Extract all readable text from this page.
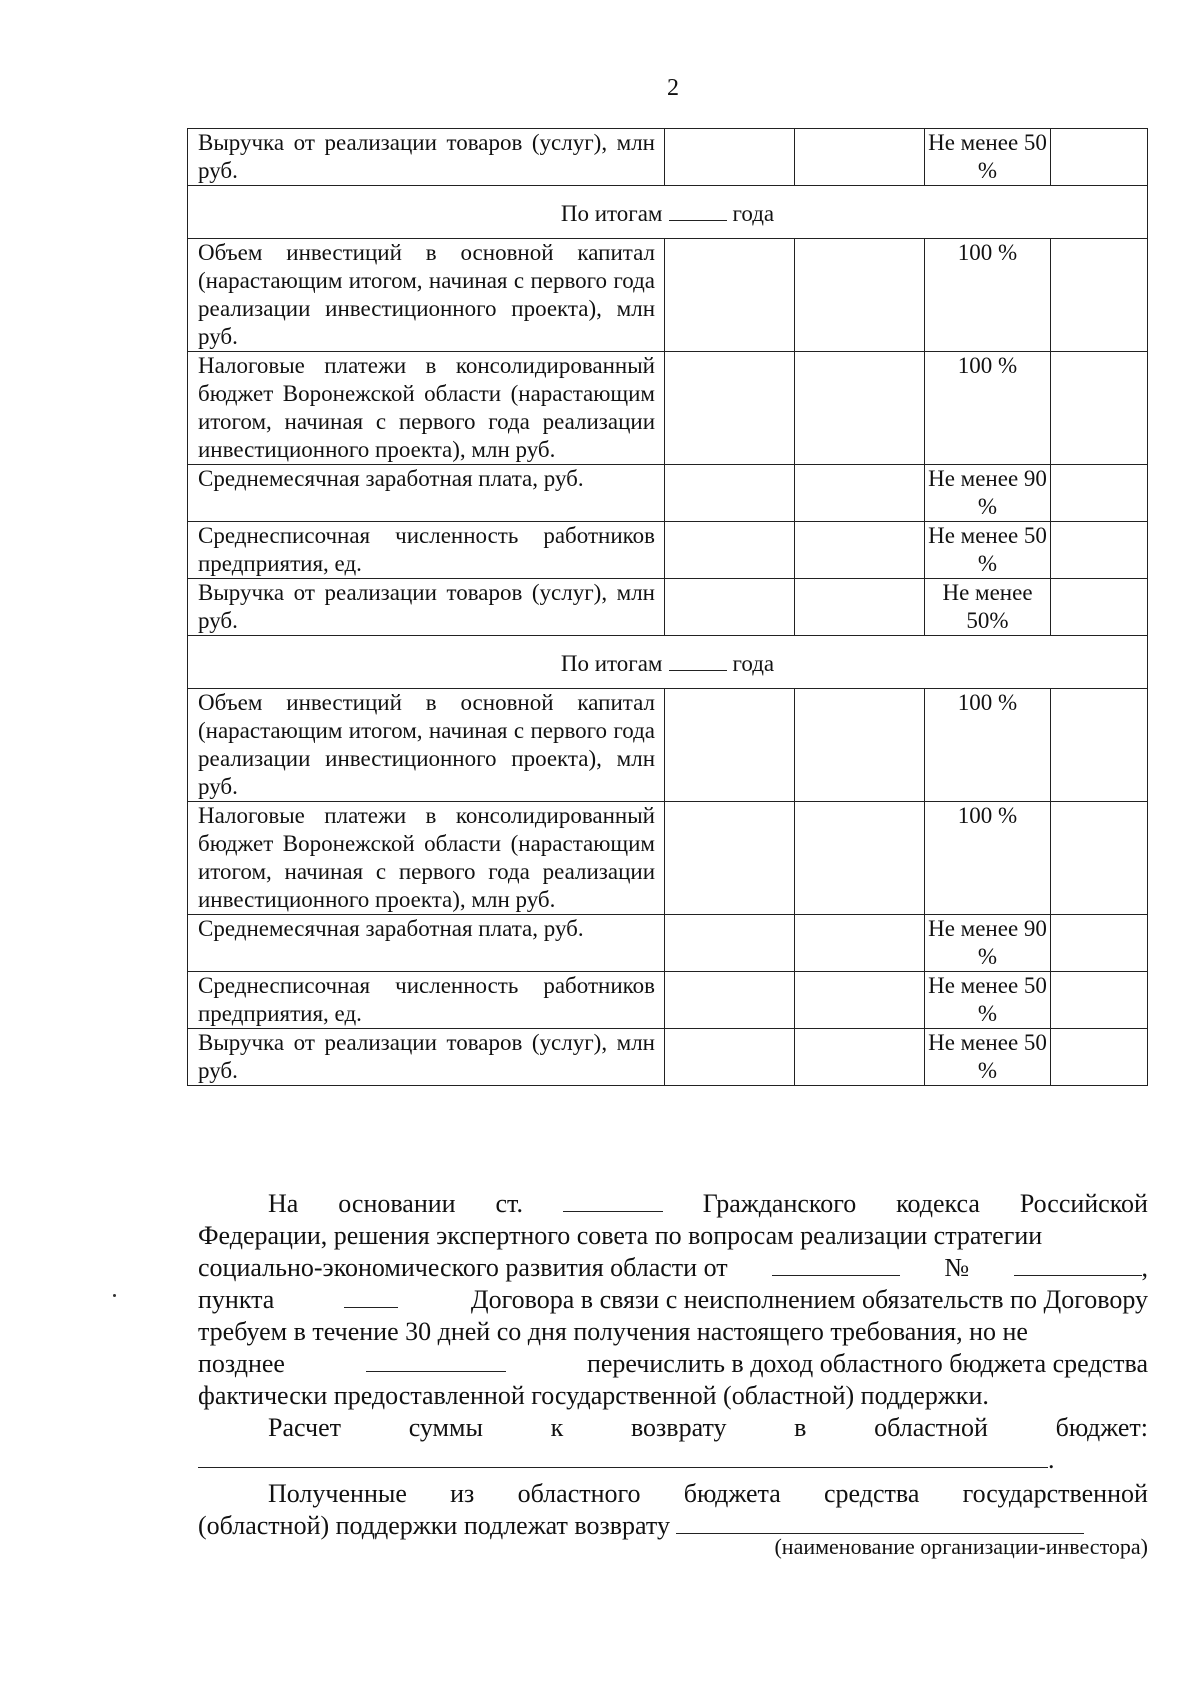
2
Выручка от реализации товаров (услуг), млн руб.			Не менее 50 %	
По итогам года				
Объем инвестиций в основной капитал (нарастающим итогом, начиная с первого года реализации инвестиционного проекта), млн руб.			100 %	
Налоговые платежи в консолидированный бюджет Воронежской области (нарастающим итогом, начиная с первого года реализации инвестиционного проекта), млн руб.			100 %	
Среднемесячная заработная плата, руб.			Не менее 90 %	
Среднесписочная численность работников предприятия, ед.			Не менее 50 %	
Выручка от реализации товаров (услуг), млн руб.			Не менее 50%	
По итогам года				
Объем инвестиций в основной капитал (нарастающим итогом, начиная с первого года реализации инвестиционного проекта), млн руб.			100 %	
Налоговые платежи в консолидированный бюджет Воронежской области (нарастающим итогом, начиная с первого года реализации инвестиционного проекта), млн руб.			100 %	
Среднемесячная заработная плата, руб.			Не менее 90 %	
Среднесписочная численность работников предприятия, ед.			Не менее 50 %	
Выручка от реализации товаров (услуг), млн руб.			Не менее 50 %	
На основании ст.	Гражданского кодекса Российской
Федерации, решения экспертного совета по вопросам реализации стратегии
социально-экономического развития области от	№	,
пункта	Договора в связи с неисполнением обязательств по Договору
требуем в течение 30 дней со дня получения настоящего требования, но не
позднее	перечислить в доход областного бюджета средства
фактически предоставленной государственной (областной) поддержки.
Расчет	суммы	к	возврату	в	областной	бюджет:
.
Полученные из областного бюджета средства государственной
(областной) поддержки подлежат возврату
(наименование организации-инвестора)
